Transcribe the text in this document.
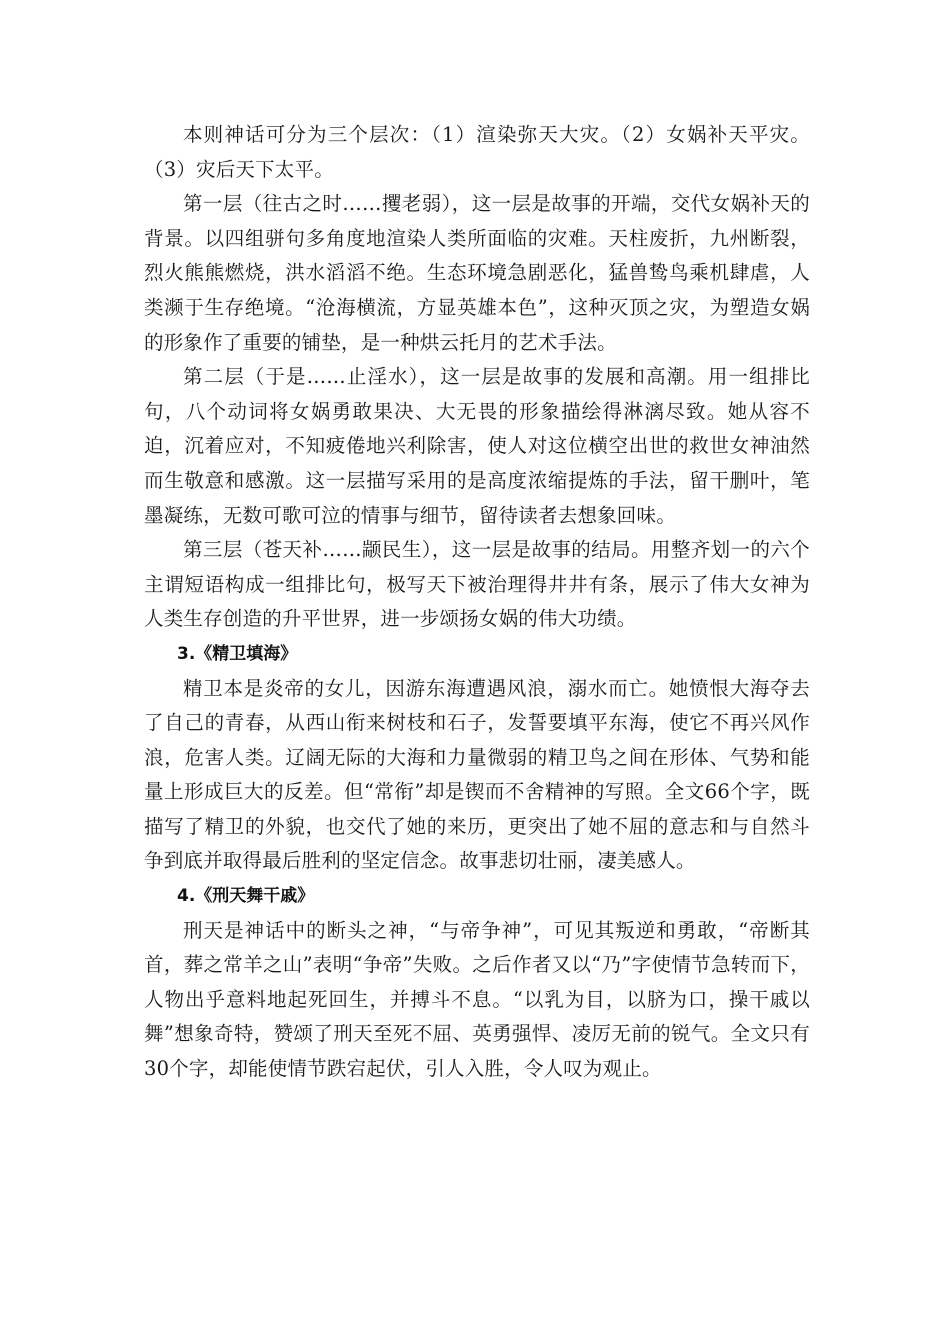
本则神话可分为三个层次：（1）渲染弥天大灾。（2）女娲补天平灾。（3）灾后天下太平。

第一层（往古之时……攫老弱），这一层是故事的开端，交代女娲补天的背景。以四组骈句多角度地渲染人类所面临的灾难。天柱废折，九州断裂，烈火熊熊燃烧，洪水滔滔不绝。生态环境急剧恶化，猛兽鸷鸟乘机肆虐，人类濒于生存绝境。“沧海横流，方显英雄本色”，这种灭顶之灾，为塑造女娲的形象作了重要的铺垫，是一种烘云托月的艺术手法。

第二层（于是……止淫水），这一层是故事的发展和高潮。用一组排比句，八个动词将女娲勇敢果决、大无畏的形象描绘得淋漓尽致。她从容不迫，沉着应对，不知疲倦地兴利除害，使人对这位横空出世的救世女神油然而生敬意和感激。这一层描写采用的是高度浓缩提炼的手法，留干删叶，笔墨凝练，无数可歌可泣的情事与细节，留待读者去想象回味。

第三层（苍天补……颛民生），这一层是故事的结局。用整齐划一的六个主谓短语构成一组排比句，极写天下被治理得井井有条，展示了伟大女神为人类生存创造的升平世界，进一步颂扬女娲的伟大功绩。

3.《精卫填海》

精卫本是炎帝的女儿，因游东海遭遇风浪，溺水而亡。她愤恨大海夺去了自己的青春，从西山衔来树枝和石子，发誓要填平东海，使它不再兴风作浪，危害人类。辽阔无际的大海和力量微弱的精卫鸟之间在形体、气势和能量上形成巨大的反差。但“常衔”却是锲而不舍精神的写照。全文66个字，既描写了精卫的外貌，也交代了她的来历，更突出了她不屈的意志和与自然斗争到底并取得最后胜利的坚定信念。故事悲切壮丽，凄美感人。

4.《刑天舞干戚》

刑天是神话中的断头之神，“与帝争神”，可见其叛逆和勇敢，“帝断其首，葬之常羊之山”表明“争帝”失败。之后作者又以“乃”字使情节急转而下，人物出乎意料地起死回生，并搏斗不息。“以乳为目，以脐为口，操干戚以舞”想象奇特，赞颂了刑天至死不屈、英勇强悍、凌厉无前的锐气。全文只有30个字，却能使情节跌宕起伏，引人入胜，令人叹为观止。
